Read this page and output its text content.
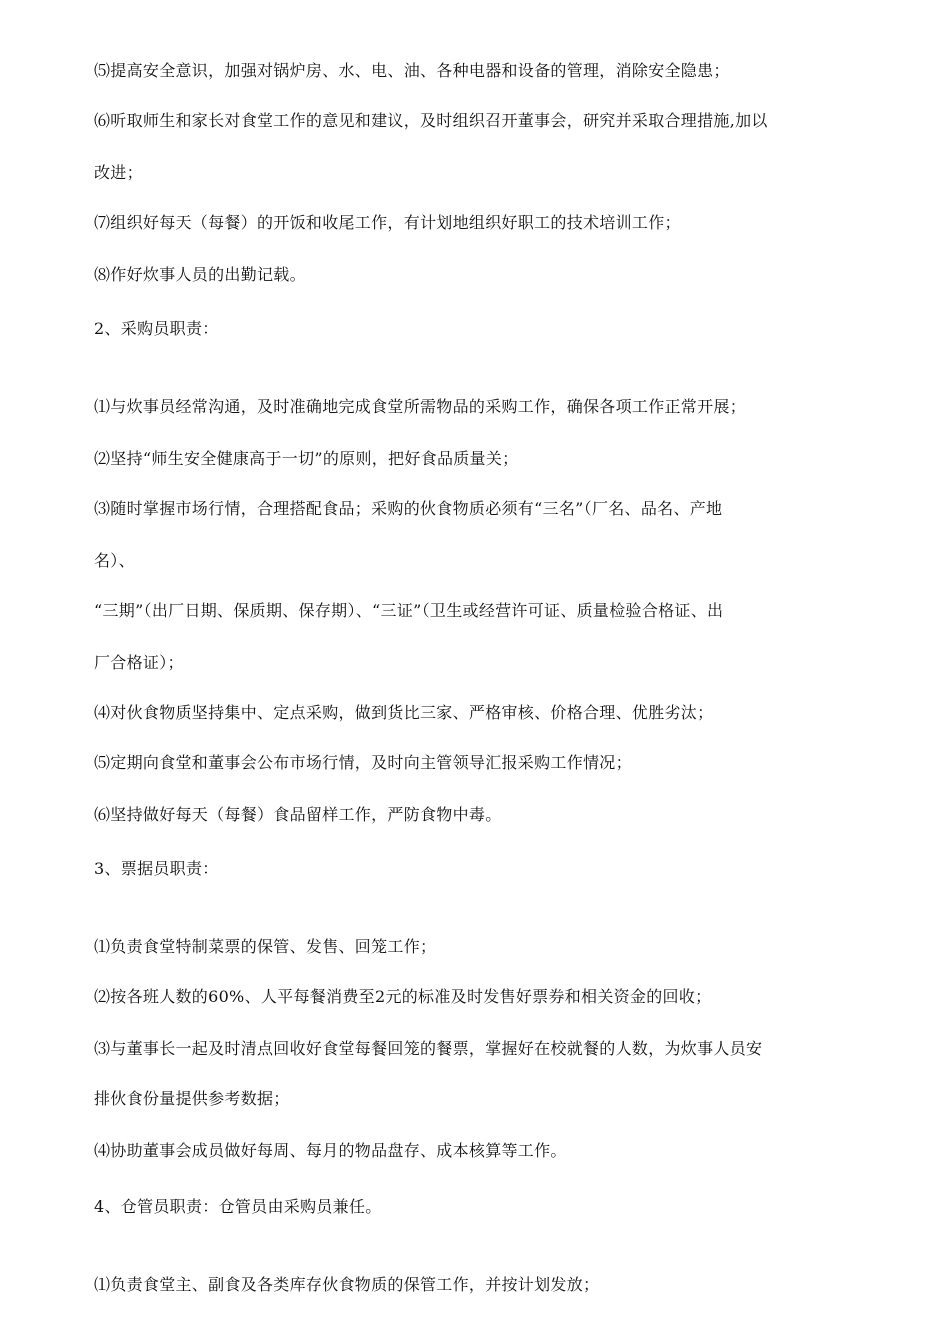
⑸提高安全意识，加强对锅炉房、水、电、油、各种电器和设备的管理，消除安全隐患；
⑹听取师生和家长对食堂工作的意见和建议，及时组织召开董事会，研究并采取合理措施,加以
改进；
⑺组织好每天（每餐）的开饭和收尾工作，有计划地组织好职工的技术培训工作；
⑻作好炊事人员的出勤记载。
2、采购员职责：
⑴与炊事员经常沟通，及时准确地完成食堂所需物品的采购工作，确保各项工作正常开展；
⑵坚持“师生安全健康高于一切”的原则，把好食品质量关；
⑶随时掌握市场行情，合理搭配食品；采购的伙食物质必须有“三名”（厂名、品名、产地
名）、
“三期”（出厂日期、保质期、保存期）、“三证”（卫生或经营许可证、质量检验合格证、出
厂合格证）；
⑷对伙食物质坚持集中、定点采购，做到货比三家、严格审核、价格合理、优胜劣汰；
⑸定期向食堂和董事会公布市场行情，及时向主管领导汇报采购工作情况；
⑹坚持做好每天（每餐）食品留样工作，严防食物中毒。
3、票据员职责：
⑴负责食堂特制菜票的保管、发售、回笼工作；
⑵按各班人数的60%、人平每餐消费至2元的标准及时发售好票券和相关资金的回收；
⑶与董事长一起及时清点回收好食堂每餐回笼的餐票，掌握好在校就餐的人数，为炊事人员安
排伙食份量提供参考数据；
⑷协助董事会成员做好每周、每月的物品盘存、成本核算等工作。
4、仓管员职责：仓管员由采购员兼任。
⑴负责食堂主、副食及各类库存伙食物质的保管工作，并按计划发放；
